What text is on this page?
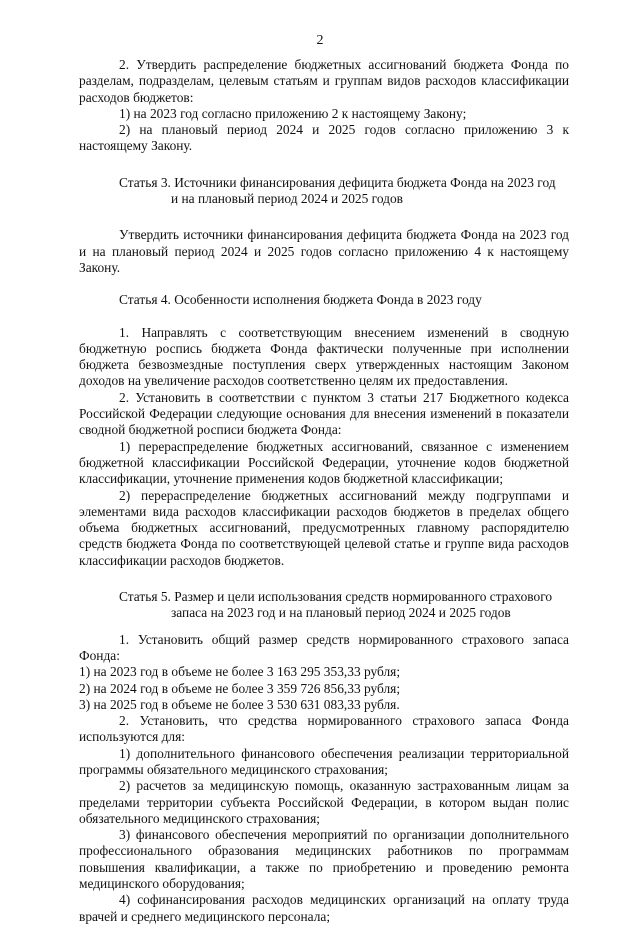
2

2. Утвердить распределение бюджетных ассигнований бюджета Фонда по разделам, подразделам, целевым статьям и группам видов расходов классификации расходов бюджетов:

1) на 2023 год согласно приложению 2 к настоящему Закону;

2) на плановый период 2024 и 2025 годов согласно приложению 3 к настоящему Закону.

Статья 3. Источники финансирования дефицита бюджета Фонда на 2023 год
и на плановый период 2024 и 2025 годов

Утвердить источники финансирования дефицита бюджета Фонда на 2023 год и на плановый период 2024 и 2025 годов согласно приложению 4 к настоящему Закону.

Статья 4. Особенности исполнения бюджета Фонда в 2023 году

1. Направлять с соответствующим внесением изменений в сводную бюджетную роспись бюджета Фонда фактически полученные при исполнении бюджета безвозмездные поступления сверх утвержденных настоящим Законом доходов на увеличение расходов соответственно целям их предоставления.

2. Установить в соответствии с пунктом 3 статьи 217 Бюджетного кодекса Российской Федерации следующие основания для внесения изменений в показатели сводной бюджетной росписи бюджета Фонда:

1) перераспределение бюджетных ассигнований, связанное с изменением бюджетной классификации Российской Федерации, уточнение кодов бюджетной классификации, уточнение применения кодов бюджетной классификации;

2) перераспределение бюджетных ассигнований между подгруппами и элементами вида расходов классификации расходов бюджетов в пределах общего объема бюджетных ассигнований, предусмотренных главному распорядителю средств бюджета Фонда по соответствующей целевой статье и группе вида расходов классификации расходов бюджетов.

Статья 5. Размер и цели использования средств нормированного страхового
запаса на 2023 год и на плановый период 2024 и 2025 годов

1. Установить общий размер средств нормированного страхового запаса Фонда:

1) на 2023 год в объеме не более 3 163 295 353,33 рубля;

2) на 2024 год в объеме не более 3 359 726 856,33 рубля;

3) на 2025 год в объеме не более 3 530 631 083,33 рубля.

2. Установить, что средства нормированного страхового запаса Фонда используются для:

1) дополнительного финансового обеспечения реализации территориальной программы обязательного медицинского страхования;

2) расчетов за медицинскую помощь, оказанную застрахованным лицам за пределами территории субъекта Российской Федерации, в котором выдан полис обязательного медицинского страхования;

3) финансового обеспечения мероприятий по организации дополнительного профессионального образования медицинских работников по программам повышения квалификации, а также по приобретению и проведению ремонта медицинского оборудования;

4) софинансирования расходов медицинских организаций на оплату труда врачей и среднего медицинского персонала;
